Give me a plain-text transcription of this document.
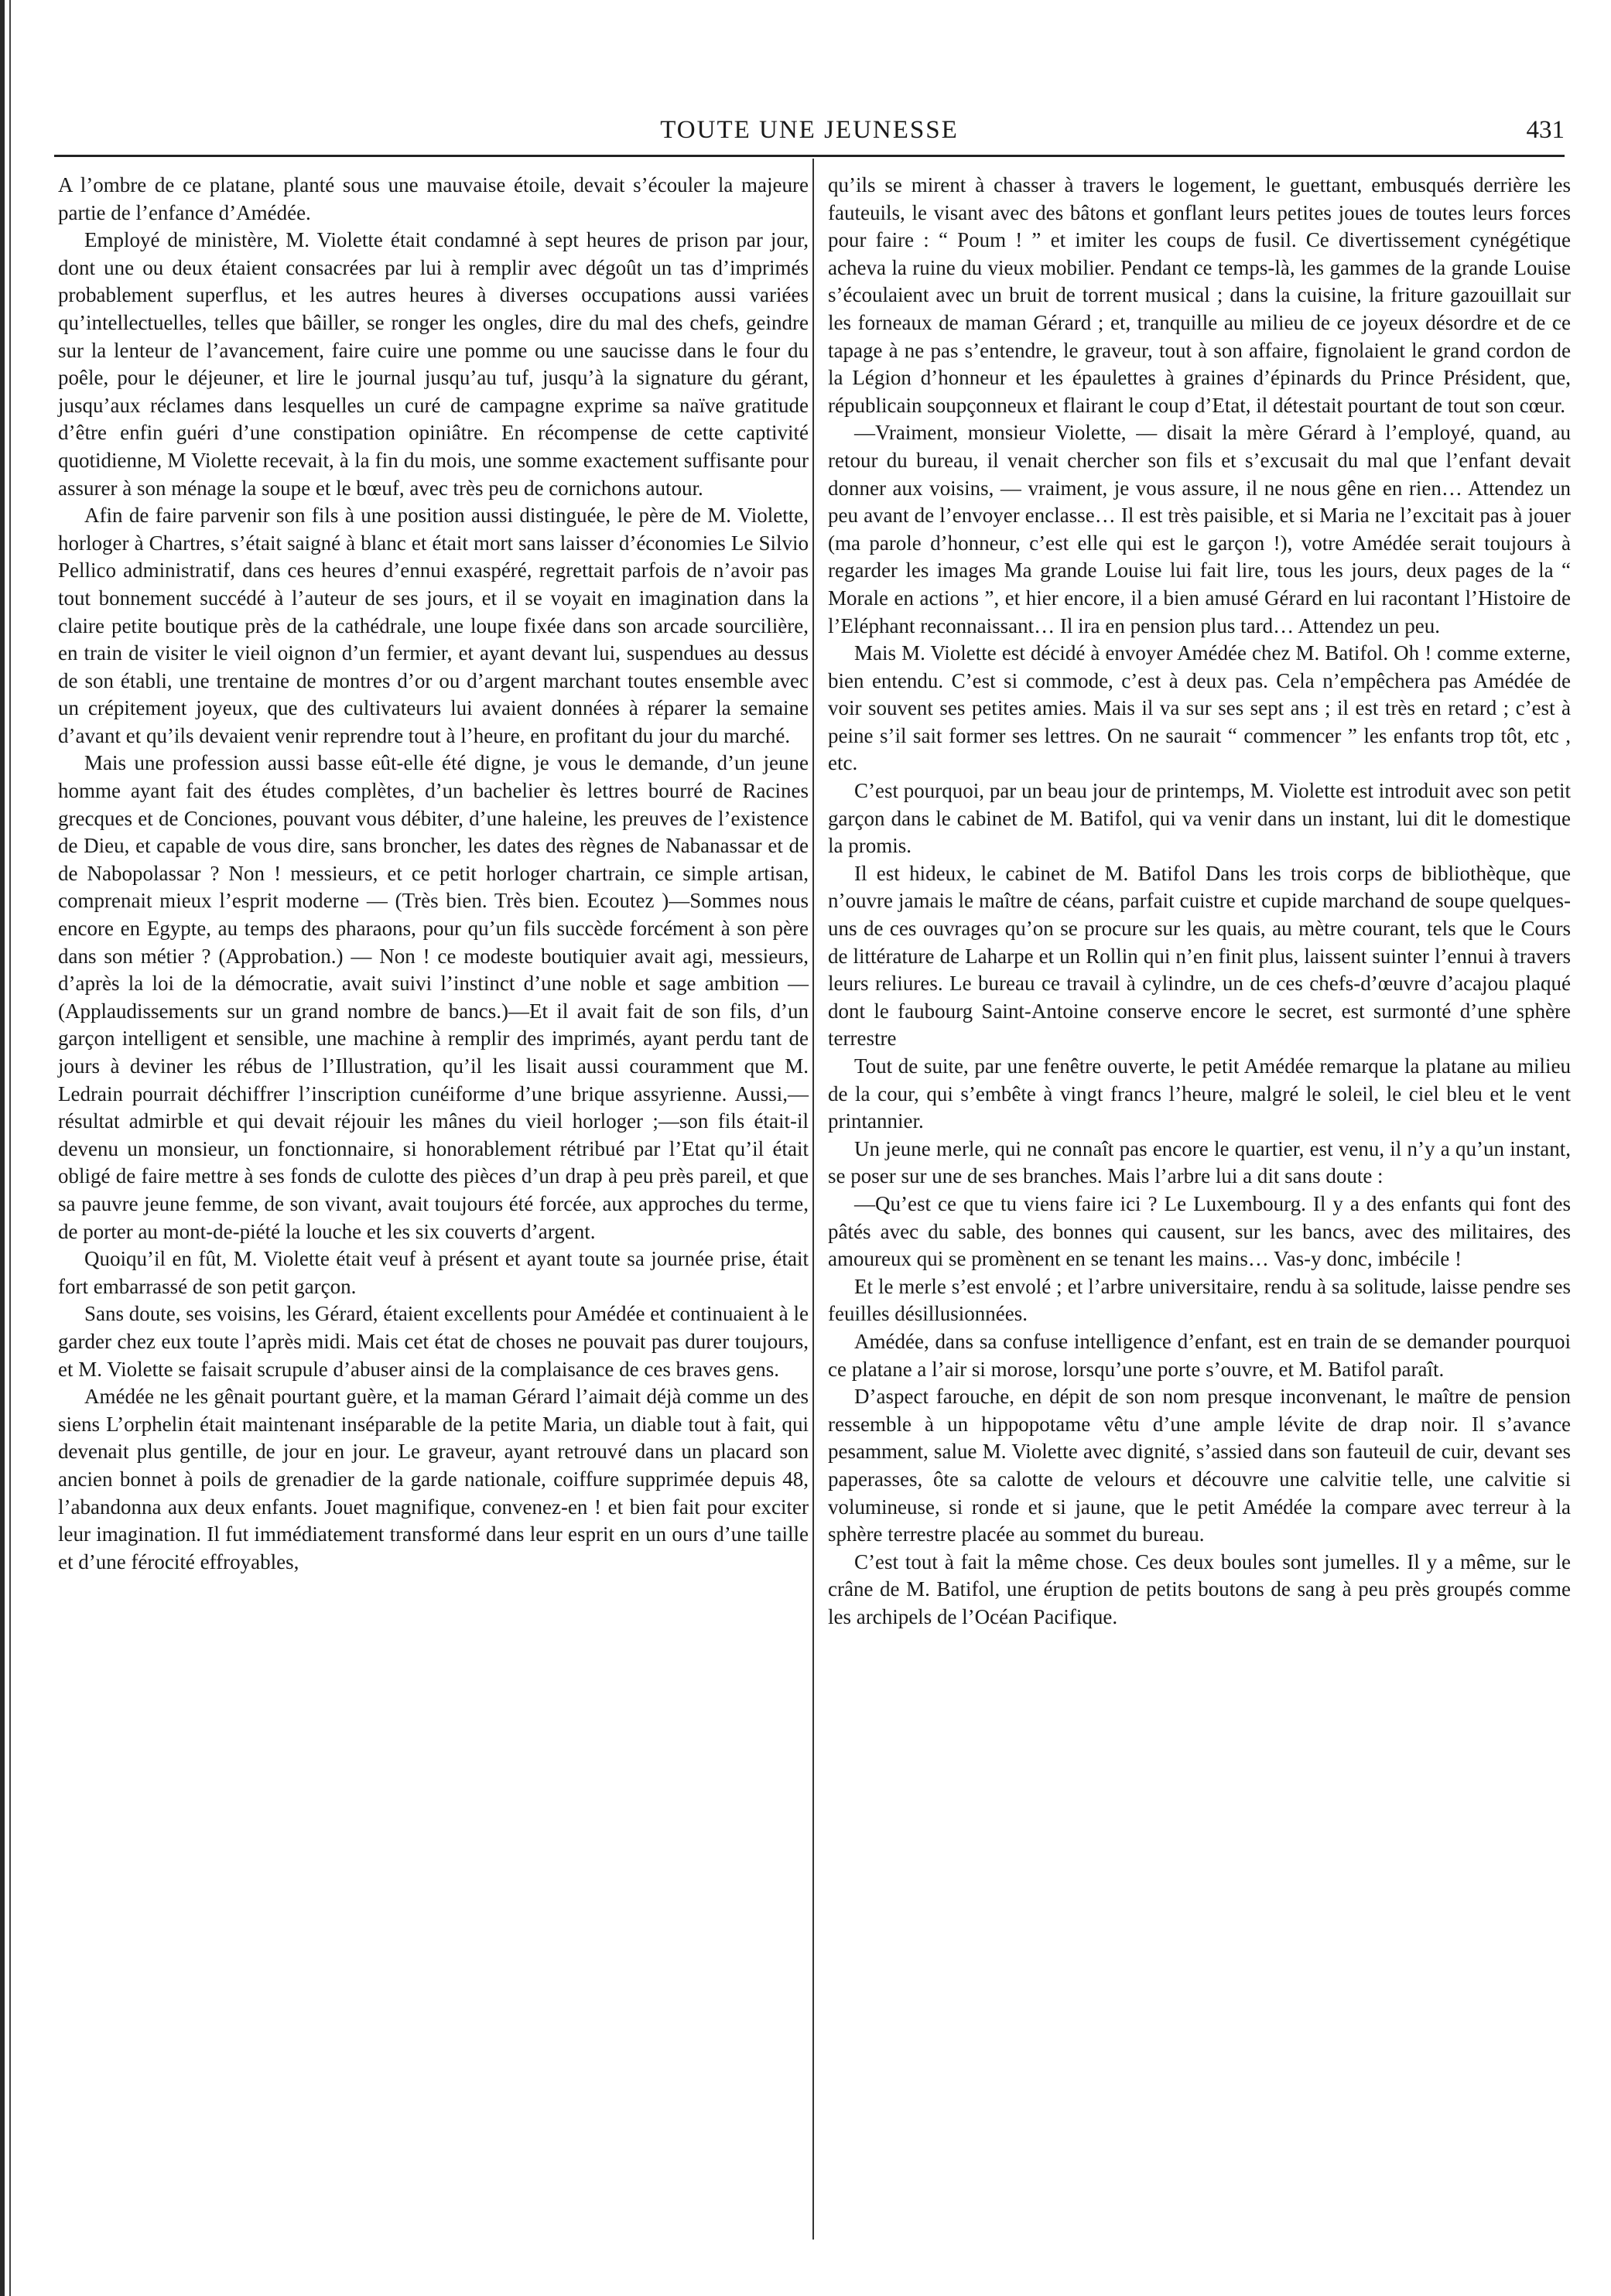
TOUTE UNE JEUNESSE	431

A l’ombre de ce platane, planté sous une mauvaise étoile, devait s’écouler la majeure partie de l’enfance d’Amédée.

Employé de ministère, M. Violette était condamné à sept heures de prison par jour, dont une ou deux étaient consacrées par lui à remplir avec dégoût un tas d’imprimés probablement superflus, et les autres heures à diverses occupations aussi variées qu’intellectuelles, telles que bâiller, se ronger les ongles, dire du mal des chefs, geindre sur la lenteur de l’avancement, faire cuire une pomme ou une saucisse dans le four du poêle, pour le déjeuner, et lire le journal jusqu’au tuf, jusqu’à la signature du gérant, jusqu’aux réclames dans lesquelles un curé de campagne exprime sa naïve gratitude d’être enfin guéri d’une constipation opiniâtre. En récompense de cette captivité quotidienne, M Violette recevait, à la fin du mois, une somme exactement suffisante pour assurer à son ménage la soupe et le bœuf, avec très peu de cornichons autour.

Afin de faire parvenir son fils à une position aussi distinguée, le père de M. Violette, horloger à Chartres, s’était saigné à blanc et était mort sans laisser d’économies Le Silvio Pellico administratif, dans ces heures d’ennui exaspéré, regrettait parfois de n’avoir pas tout bonnement succédé à l’auteur de ses jours, et il se voyait en imagination dans la claire petite boutique près de la cathédrale, une loupe fixée dans son arcade sourcilière, en train de visiter le vieil oignon d’un fermier, et ayant devant lui, suspendues au dessus de son établi, une trentaine de montres d’or ou d’argent marchant toutes ensemble avec un crépitement joyeux, que des cultivateurs lui avaient données à réparer la semaine d’avant et qu’ils devaient venir reprendre tout à l’heure, en profitant du jour du marché.

Mais une profession aussi basse eût-elle été digne, je vous le demande, d’un jeune homme ayant fait des études complètes, d’un bachelier ès lettres bourré de Racines grecques et de Conciones, pouvant vous débiter, d’une haleine, les preuves de l’existence de Dieu, et capable de vous dire, sans broncher, les dates des règnes de Nabanassar et de de Nabopolassar ? Non ! messieurs, et ce petit horloger chartrain, ce simple artisan, comprenait mieux l’esprit moderne — (Très bien. Très bien. Ecoutez )—Sommes nous encore en Egypte, au temps des pharaons, pour qu’un fils succède forcément à son père dans son métier ? (Approbation.) — Non ! ce modeste boutiquier avait agi, messieurs, d’après la loi de la démocratie, avait suivi l’instinct d’une noble et sage ambition —(Applaudissements sur un grand nombre de bancs.)—Et il avait fait de son fils, d’un garçon intelligent et sensible, une machine à remplir des imprimés, ayant perdu tant de jours à deviner les rébus de l’Illustration, qu’il les lisait aussi couramment que M. Ledrain pourrait déchiffrer l’inscription cunéiforme d’une brique assyrienne. Aussi,—résultat admirble et qui devait réjouir les mânes du vieil horloger ;—son fils était-il devenu un monsieur, un fonctionnaire, si honorablement rétribué par l’Etat qu’il était obligé de faire mettre à ses fonds de culotte des pièces d’un drap à peu près pareil, et que sa pauvre jeune femme, de son vivant, avait toujours été forcée, aux approches du terme, de porter au mont-de-piété la louche et les six couverts d’argent.

Quoiqu’il en fût, M. Violette était veuf à présent et ayant toute sa journée prise, était fort embarrassé de son petit garçon.

Sans doute, ses voisins, les Gérard, étaient excellents pour Amédée et continuaient à le garder chez eux toute l’après midi. Mais cet état de choses ne pouvait pas durer toujours, et M. Violette se faisait scrupule d’abuser ainsi de la complaisance de ces braves gens.

Amédée ne les gênait pourtant guère, et la maman Gérard l’aimait déjà comme un des siens L’orphelin était maintenant inséparable de la petite Maria, un diable tout à fait, qui devenait plus gentille, de jour en jour. Le graveur, ayant retrouvé dans un placard son ancien bonnet à poils de grenadier de la garde nationale, coiffure supprimée depuis 48, l’abandonna aux deux enfants. Jouet magnifique, convenez-en ! et bien fait pour exciter leur imagination. Il fut immédiatement transformé dans leur esprit en un ours d’une taille et d’une férocité effroyables,

qu’ils se mirent à chasser à travers le logement, le guettant, embusqués derrière les fauteuils, le visant avec des bâtons et gonflant leurs petites joues de toutes leurs forces pour faire : “ Poum ! ” et imiter les coups de fusil. Ce divertissement cynégétique acheva la ruine du vieux mobilier. Pendant ce temps-là, les gammes de la grande Louise s’écoulaient avec un bruit de torrent musical ; dans la cuisine, la friture gazouillait sur les forneaux de maman Gérard ; et, tranquille au milieu de ce joyeux désordre et de ce tapage à ne pas s’entendre, le graveur, tout à son affaire, fignolaient le grand cordon de la Légion d’honneur et les épaulettes à graines d’épinards du Prince Président, que, républicain soupçonneux et flairant le coup d’Etat, il détestait pourtant de tout son cœur.

—Vraiment, monsieur Violette, — disait la mère Gérard à l’employé, quand, au retour du bureau, il venait chercher son fils et s’excusait du mal que l’enfant devait donner aux voisins, — vraiment, je vous assure, il ne nous gêne en rien… Attendez un peu avant de l’envoyer enclasse… Il est très paisible, et si Maria ne l’excitait pas à jouer (ma parole d’honneur, c’est elle qui est le garçon !), votre Amédée serait toujours à regarder les images Ma grande Louise lui fait lire, tous les jours, deux pages de la “ Morale en actions ”, et hier encore, il a bien amusé Gérard en lui racontant l’Histoire de l’Eléphant reconnaissant… Il ira en pension plus tard… Attendez un peu.

Mais M. Violette est décidé à envoyer Amédée chez M. Batifol. Oh ! comme externe, bien entendu. C’est si commode, c’est à deux pas. Cela n’empêchera pas Amédée de voir souvent ses petites amies. Mais il va sur ses sept ans ; il est très en retard ; c’est à peine s’il sait former ses lettres. On ne saurait “ commencer ” les enfants trop tôt, etc , etc.

C’est pourquoi, par un beau jour de printemps, M. Violette est introduit avec son petit garçon dans le cabinet de M. Batifol, qui va venir dans un instant, lui dit le domestique la promis.

Il est hideux, le cabinet de M. Batifol Dans les trois corps de bibliothèque, que n’ouvre jamais le maître de céans, parfait cuistre et cupide marchand de soupe quelques-uns de ces ouvrages qu’on se procure sur les quais, au mètre courant, tels que le Cours de littérature de Laharpe et un Rollin qui n’en finit plus, laissent suinter l’ennui à travers leurs reliures. Le bureau ce travail à cylindre, un de ces chefs-d’œuvre d’acajou plaqué dont le faubourg Saint-Antoine conserve encore le secret, est surmonté d’une sphère terrestre

Tout de suite, par une fenêtre ouverte, le petit Amédée remarque la platane au milieu de la cour, qui s’embête à vingt francs l’heure, malgré le soleil, le ciel bleu et le vent printannier.

Un jeune merle, qui ne connaît pas encore le quartier, est venu, il n’y a qu’un instant, se poser sur une de ses branches. Mais l’arbre lui a dit sans doute :

—Qu’est ce que tu viens faire ici ? Le Luxembourg. Il y a des enfants qui font des pâtés avec du sable, des bonnes qui causent, sur les bancs, avec des militaires, des amoureux qui se promènent en se tenant les mains… Vas-y donc, imbécile !

Et le merle s’est envolé ; et l’arbre universitaire, rendu à sa solitude, laisse pendre ses feuilles désillusionnées.

Amédée, dans sa confuse intelligence d’enfant, est en train de se demander pourquoi ce platane a l’air si morose, lorsqu’une porte s’ouvre, et M. Batifol paraît.

D’aspect farouche, en dépit de son nom presque inconvenant, le maître de pension ressemble à un hippopotame vêtu d’une ample lévite de drap noir. Il s’avance pesamment, salue M. Violette avec dignité, s’assied dans son fauteuil de cuir, devant ses paperasses, ôte sa calotte de velours et découvre une calvitie telle, une calvitie si volumineuse, si ronde et si jaune, que le petit Amédée la compare avec terreur à la sphère terrestre placée au sommet du bureau.

C’est tout à fait la même chose. Ces deux boules sont jumelles. Il y a même, sur le crâne de M. Batifol, une éruption de petits boutons de sang à peu près groupés comme les archipels de l’Océan Pacifique.
